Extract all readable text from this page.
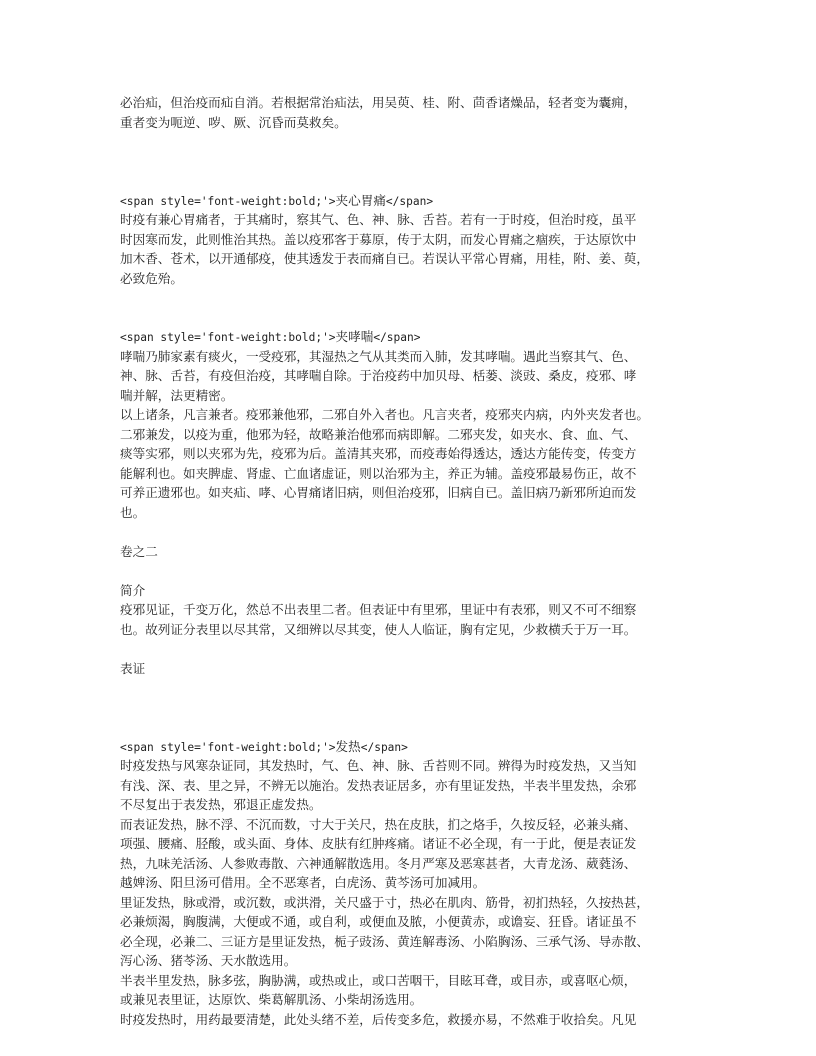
必治疝，但治疫而疝自消。若根据常治疝法，用吴萸、桂、附、茴香诸燥品，轻者变为囊痈，
重者变为呃逆、哕、厥、沉昏而莫救矣。
<span style='font-weight:bold;'>夹心胃痛</span>
时疫有兼心胃痛者，于其痛时，察其气、色、神、脉、舌苔。若有一于时疫，但治时疫，虽平
时因寒而发，此则惟治其热。盖以疫邪客于募原，传于太阴，而发心胃痛之痼疾，于达原饮中
加木香、苍术，以开通郁疫，使其透发于表而痛自已。若误认平常心胃痛，用桂，附、姜、萸，
必致危殆。
<span style='font-weight:bold;'>夹哮喘</span>
哮喘乃肺家素有痰火，一受疫邪，其湿热之气从其类而入肺，发其哮喘。遇此当察其气、色、
神、脉、舌苔，有疫但治疫，其哮喘自除。于治疫药中加贝母、栝蒌、淡豉、桑皮，疫邪、哮
喘并解，法更精密。
以上诸条，凡言兼者。疫邪兼他邪，二邪自外入者也。凡言夹者，疫邪夹内病，内外夹发者也。
二邪兼发，以疫为重，他邪为轻，故略兼治他邪而病即解。二邪夹发，如夹水、食、血、气、
痰等实邪，则以夹邪为先，疫邪为后。盖清其夹邪，而疫毒始得透达，透达方能传变，传变方
能解利也。如夹脾虚、肾虚、亡血诸虚证，则以治邪为主，养正为辅。盖疫邪最易伤正，故不
可养正遗邪也。如夹疝、哮、心胃痛诸旧病，则但治疫邪，旧病自已。盖旧病乃新邪所迫而发
也。
卷之二
简介
疫邪见证，千变万化，然总不出表里二者。但表证中有里邪，里证中有表邪，则又不可不细察
也。故列证分表里以尽其常，又细辨以尽其变，使人人临证，胸有定见，少救横夭于万一耳。
表证
<span style='font-weight:bold;'>发热</span>
时疫发热与风寒杂证同，其发热时，气、色、神、脉、舌苔则不同。辨得为时疫发热，又当知
有浅、深、表、里之异，不辨无以施治。发热表证居多，亦有里证发热，半表半里发热，余邪
不尽复出于表发热，邪退正虚发热。
而表证发热，脉不浮、不沉而数，寸大于关尺，热在皮肤，扪之烙手，久按反轻，必兼头痛、
项强、腰痛、胫酸，或头面、身体、皮肤有红肿疼痛。诸证不必全现，有一于此，便是表证发
热，九味羌活汤、人参败毒散、六神通解散选用。冬月严寒及恶寒甚者，大青龙汤、葳蕤汤、
越婢汤、阳旦汤可借用。全不恶寒者，白虎汤、黄芩汤可加减用。
里证发热，脉或滑，或沉数，或洪滑，关尺盛于寸，热必在肌肉、筋骨，初扪热轻，久按热甚，
必兼烦渴，胸腹满，大便或不通，或自利，或便血及脓，小便黄赤，或谵妄、狂昏。诸证虽不
必全现，必兼二、三证方是里证发热，栀子豉汤、黄连解毒汤、小陷胸汤、三承气汤、导赤散、
泻心汤、猪苓汤、天水散选用。
半表半里发热，脉多弦，胸胁满，或热或止，或口苦咽干，目眩耳聋，或目赤，或喜呕心烦，
或兼见表里证，达原饮、柴葛解肌汤、小柴胡汤选用。
时疫发热时，用药最要清楚，此处头绪不差，后传变多危，救援亦易，不然难于收拾矣。凡见
